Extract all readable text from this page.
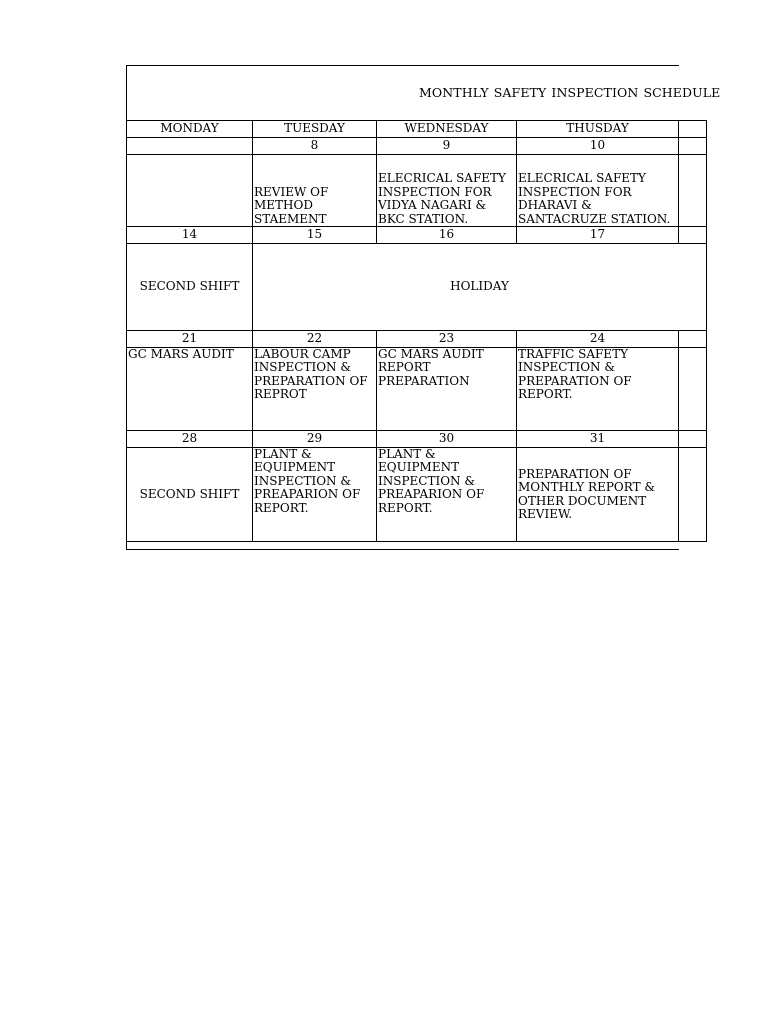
MONTHLY SAFETY INSPECTION SCHEDULE
MONDAY	TUESDAY	WEDNESDAY	THUSDAY	
	8	9	10	
	REVIEW OF METHOD STAEMENT	ELECRICAL SAFETY INSPECTION FOR VIDYA NAGARI & BKC STATION.	ELECRICAL SAFETY INSPECTION FOR DHARAVI & SANTACRUZE STATION.	
14	15	16	17	
SECOND SHIFT	HOLIDAY			
21	22	23	24	
GC MARS AUDIT	LABOUR CAMP INSPECTION & PREPARATION OF REPROT	GC MARS AUDIT REPORT PREPARATION	TRAFFIC SAFETY INSPECTION & PREPARATION OF REPORT.	
28	29	30	31	
SECOND SHIFT	PLANT & EQUIPMENT INSPECTION & PREAPARION OF REPORT.	PLANT & EQUIPMENT INSPECTION & PREAPARION OF REPORT.	PREPARATION OF MONTHLY REPORT & OTHER DOCUMENT REVIEW.	
